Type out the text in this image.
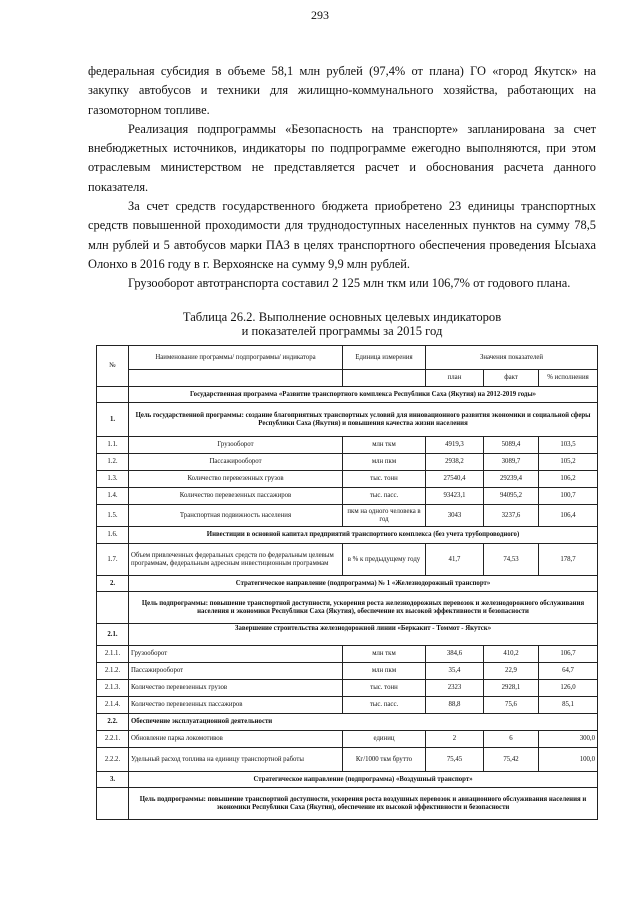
293

федеральная субсидия в объеме 58,1 млн рублей (97,4% от плана) ГО «город Якутск» на закупку автобусов и техники для жилищно-коммунального хозяйства, работающих на газомоторном топливе.

Реализация подпрограммы «Безопасность на транспорте» запланирована за счет внебюджетных источников, индикаторы по подпрограмме ежегодно выполняются, при этом отраслевым министерством не представляется расчет и обоснования расчета данного показателя.

За счет средств государственного бюджета приобретено 23 единицы транспортных средств повышенной проходимости для труднодоступных населенных пунктов на сумму 78,5 млн рублей и 5 автобусов марки ПАЗ в целях транспортного обеспечения проведения Ысыаха Олонхо в 2016 году в г. Верхоянске на сумму 9,9 млн рублей.

Грузооборот автотранспорта составил 2 125 млн ткм или 106,7% от годового плана.

Таблица 26.2. Выполнение основных целевых индикаторов
и показателей программы за 2015 год
№	Наименование программы/ подпрограммы/ индикатора	Единица измерения	Значения показателей		
			план	факт	% исполнения
	Государственная программа «Развитие транспортного комплекса Республики Саха (Якутия) на 2012-2019 годы»				
1.	Цель государственной программы: создание благоприятных транспортных условий для инновационного развития экономики и социальной сферы Республики Саха (Якутия) и повышения качества жизни населения				
1.1.	Грузооборот	млн ткм	4919,3	5089,4	103,5
1.2.	Пассажирооборот	млн пкм	2938,2	3089,7	105,2
1.3.	Количество перевезенных грузов	тыс. тонн	27540,4	29239,4	106,2
1.4.	Количество перевезенных пассажиров	тыс. пасс.	93423,1	94095,2	100,7
1.5.	Транспортная подвижность населения	пкм на одного человека в год	3043	3237,6	106,4
1.6.	Инвестиции в основной капитал предприятий транспортного комплекса (без учета трубопроводного)				
1.7.	Объем привлеченных федеральных средств по федеральным целевым программам, федеральным адресным инвестиционным программам	в % к предыдущему году	41,7	74,53	178,7
2.	Стратегическое направление (подпрограмма) № 1 «Железнодорожный транспорт»				
	Цель подпрограммы: повышение транспортной доступности, ускорения роста железнодорожных перевозок и железнодорожного обслуживания населения и экономики Республики Саха (Якутия), обеспечение их высокой эффективности и безопасности				
2.1.	Завершение строительства железнодорожной линии «Беркакит - Томмот - Якутск»				
2.1.1.	Грузооборот	млн ткм	384,6	410,2	106,7
2.1.2.	Пассажирооборот	млн пкм	35,4	22,9	64,7
2.1.3.	Количество перевезенных грузов	тыс. тонн	2323	2928,1	126,0
2.1.4.	Количество перевезенных пассажиров	тыс. пасс.	88,8	75,6	85,1
2.2.	Обеспечение эксплуатационной деятельности				
2.2.1.	Обновление парка локомотивов	единиц	2	6	300,0
2.2.2.	Удельный расход топлива на единицу транспортной работы	Кг/1000 ткм брутто	75,45	75,42	100,0
3.	Стратегическое направление (подпрограмма) «Воздушный транспорт»				
	Цель подпрограммы: повышение транспортной доступности, ускорения роста воздушных перевозок и авиационного обслуживания населения и экономики Республики Саха (Якутия), обеспечение их высокой эффективности и безопасности				
